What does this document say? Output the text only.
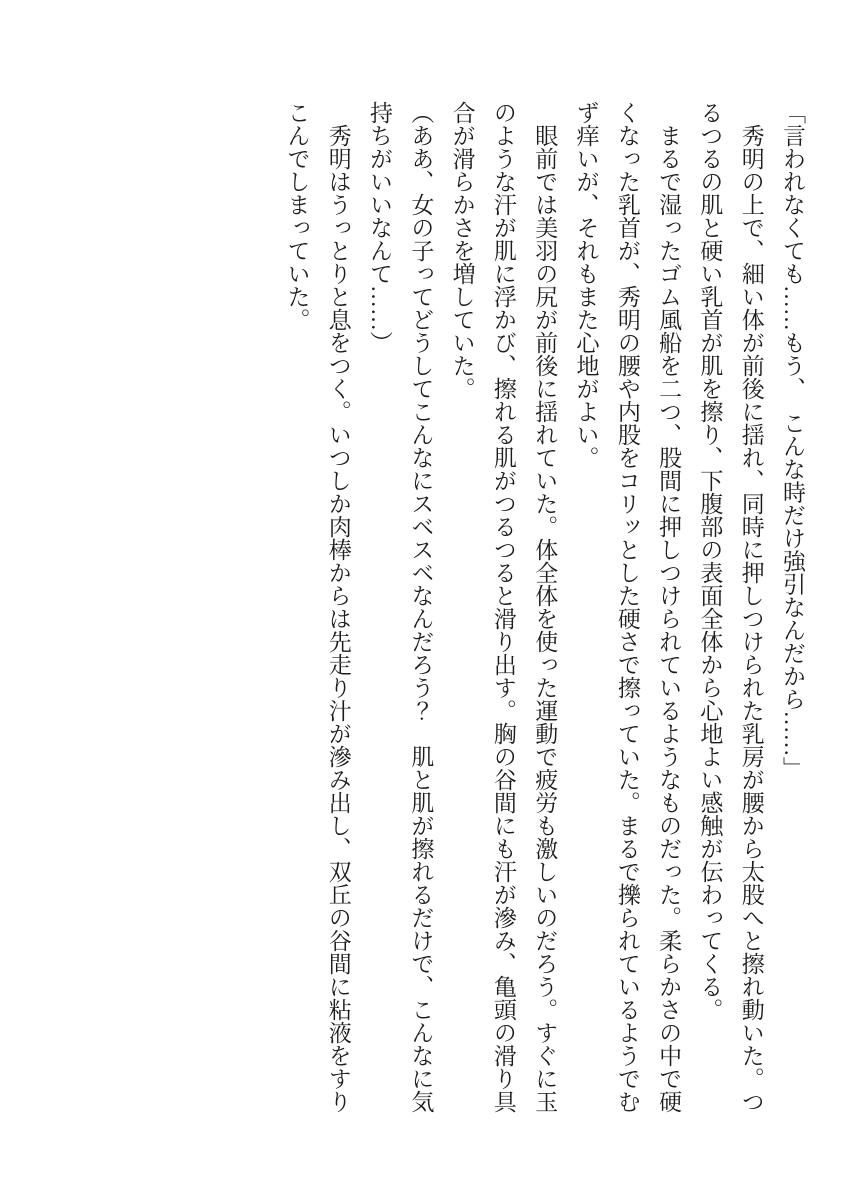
「言われなくても……もう、　こんな時だけ強引なんだから……」

秀明の上で、細い体が前後に揺れ、同時に押しつけられた乳房が腰から太股へと擦れ動いた。つるつるの肌と硬い乳首が肌を擦り、下腹部の表面全体から心地よい感触が伝わってくる。

まるで湿ったゴム風船を二つ、股間に押しつけられているようなものだった。柔らかさの中で硬くなった乳首が、秀明の腰や内股をコリッとした硬さで擦っていた。まるで擽られているようでむず痒いが、それもまた心地がよい。

眼前では美羽の尻が前後に揺れていた。体全体を使った運動で疲労も激しいのだろう。すぐに玉のような汗が肌に浮かび、擦れる肌がつるつると滑り出す。胸の谷間にも汗が滲み、亀頭の滑り具合が滑らかさを増していた。

（ああ、女の子ってどうしてこんなにスベスベなんだろう？　肌と肌が擦れるだけで、こんなに気持ちがいいなんて……）

秀明はうっとりと息をつく。いつしか肉棒からは先走り汁が滲み出し、双丘の谷間に粘液をすりこんでしまっていた。
